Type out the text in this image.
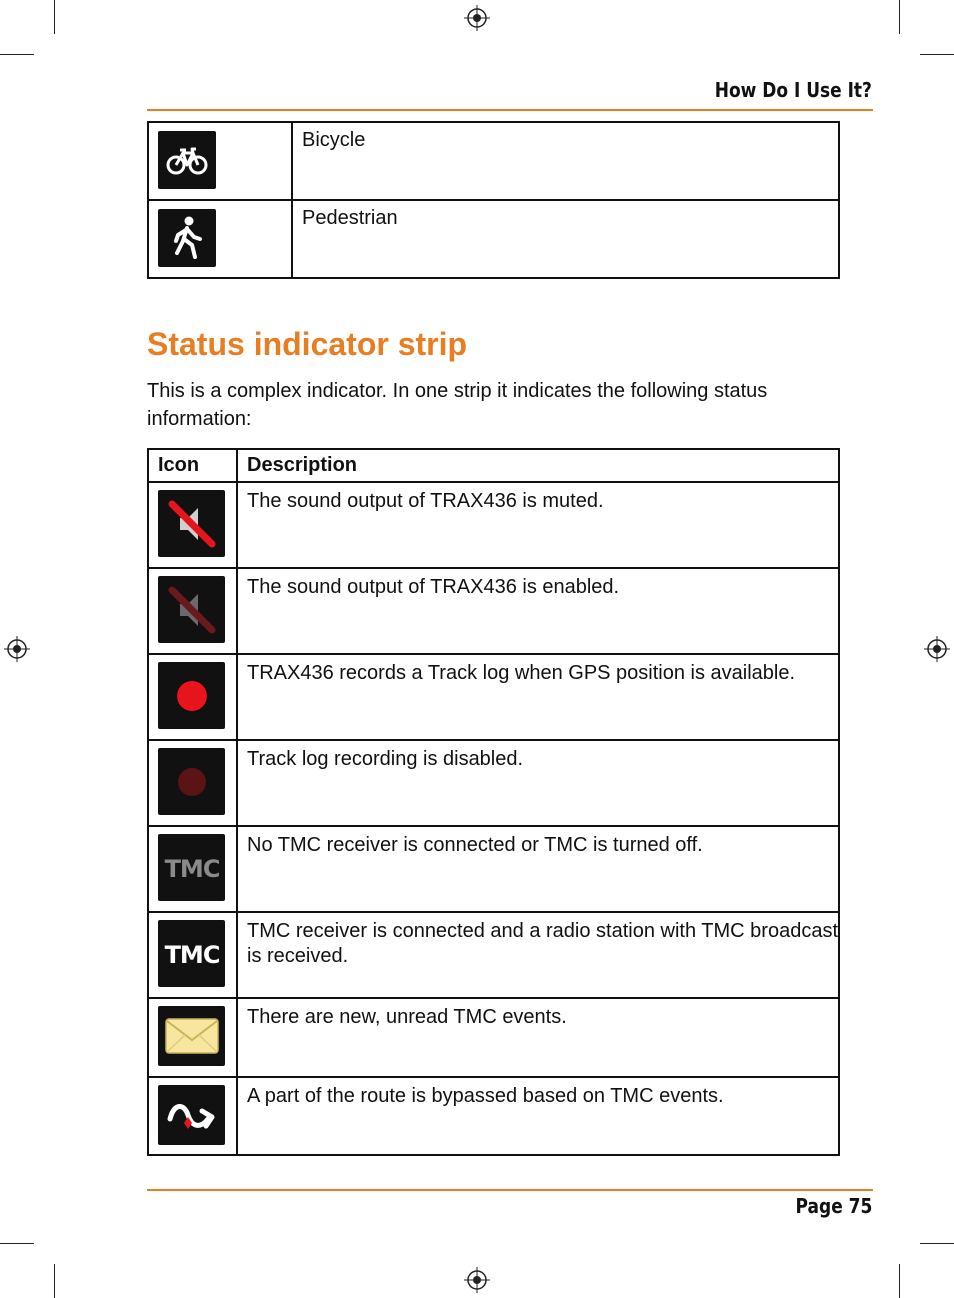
How Do I Use It?
	Bicycle

	Pedestrian
Status indicator strip

This is a complex indicator. In one strip it indicates the following status information:

Icon	Description

	The sound output of TRAX436 is muted.

	The sound output of TRAX436 is enabled.

	TRAX436 records a Track log when GPS position is available.

	Track log recording is disabled.

TMC	No TMC receiver is connected or TMC is turned off.

TMC	TMC receiver is connected and a radio station with TMC broadcast is received.

	There are new, unread TMC events.

	A part of the route is bypassed based on TMC events.
Page 75
